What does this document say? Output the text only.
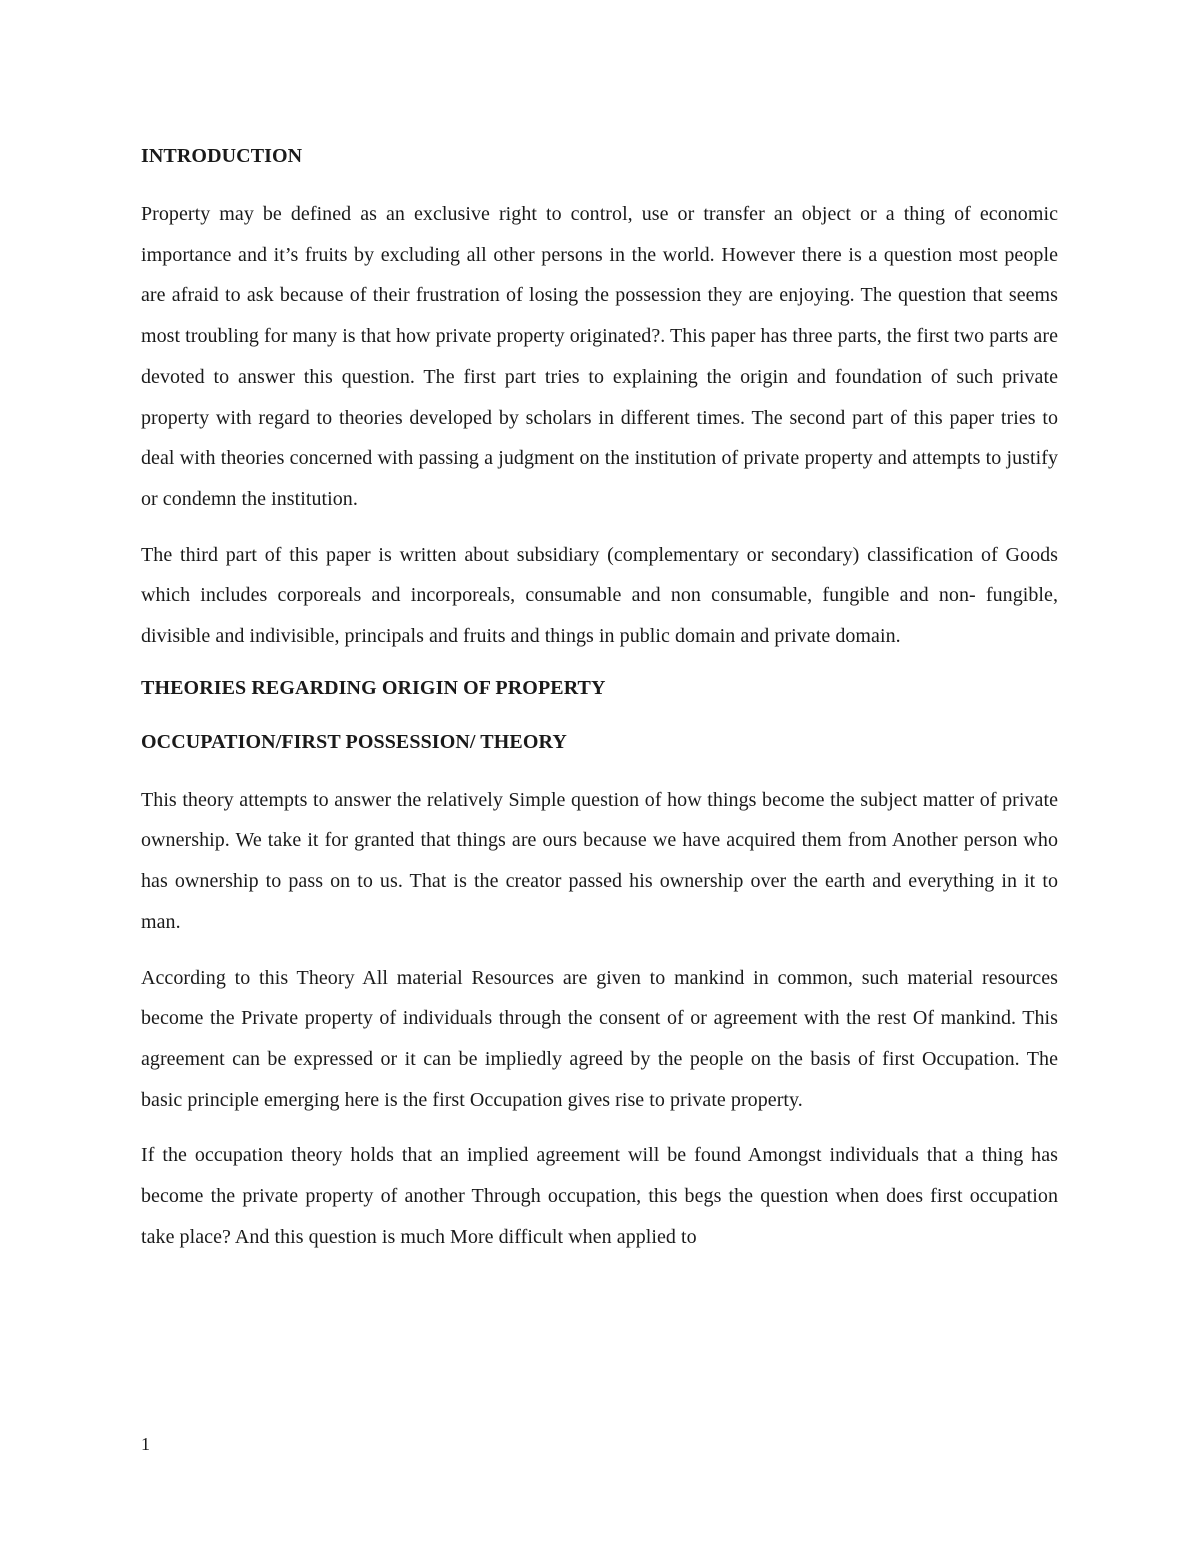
INTRODUCTION

Property may be defined as an exclusive right to control, use or transfer an object or a thing of economic importance and it’s fruits by excluding all other persons in the world. However there is a question most people are afraid to ask because of their frustration of losing the possession they are enjoying. The question that seems most troubling for many is that how private property originated?. This paper has three parts, the first two parts are devoted to answer this question. The first part tries to explaining the origin and foundation of such private property with regard to theories developed by scholars in different times. The second part of this paper tries to deal with theories concerned with passing a judgment on the institution of private property and attempts to justify or condemn the institution.

The third part of this paper is written about subsidiary (complementary or secondary) classification of Goods which includes corporeals and incorporeals, consumable and non consumable, fungible and non- fungible, divisible and indivisible, principals and fruits and things in public domain and private domain.

THEORIES REGARDING ORIGIN OF PROPERTY
OCCUPATION/FIRST POSSESSION/ THEORY

This theory attempts to answer the relatively Simple question of how things become the subject matter of private ownership. We take it for granted that things are ours because we have acquired them from Another person who has ownership to pass on to us. That is the creator passed his ownership over the earth and everything in it to man.

According to this Theory All material Resources are given to mankind in common, such material resources become the Private property of individuals through the consent of or agreement with the rest Of mankind. This agreement can be expressed or it can be impliedly agreed by the people on the basis of first Occupation. The basic principle emerging here is the first Occupation gives rise to private property.

If the occupation theory holds that an implied agreement will be found Amongst individuals that a thing has become the private property of another Through occupation, this begs the question when does first occupation take place? And this question is much More difficult when applied to

1
